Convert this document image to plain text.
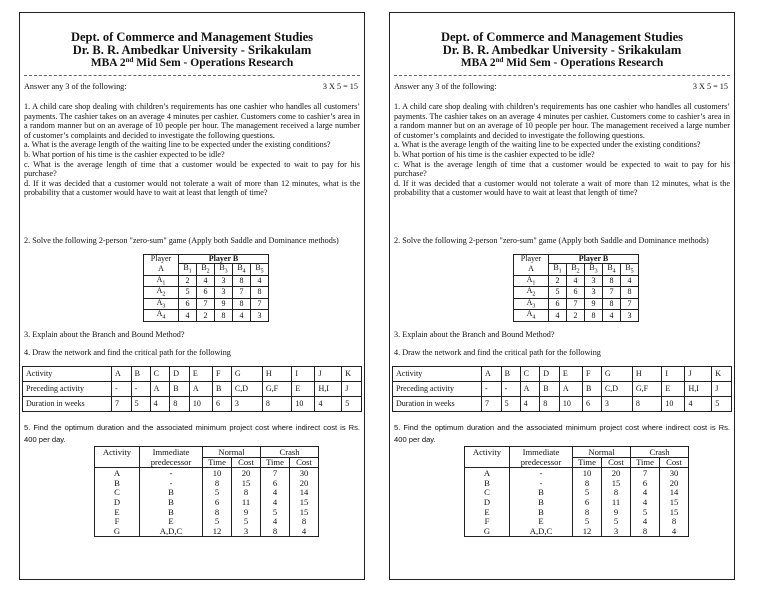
Dept. of Commerce and Management Studies
Dr. B. R. Ambedkar University - Srikakulam
MBA 2nd Mid Sem - Operations Research
Answer any 3 of the following:	3 X 5 = 15
1. A child care shop dealing with children’s requirements has one cashier who handles all customers’ payments. The cashier takes on an average 4 minutes per cashier. Customers come to cashier’s area in a random manner but on an average of 10 people per hour. The management received a large number of customer’s complaints and decided to investigate the following questions.
a. What is the average length of the waiting line to be expected under the existing conditions?
b. What portion of his time is the cashier expected to be idle?
c. What is the average length of time that a customer would be expected to wait to pay for his purchase?
d. If it was decided that a customer would not tolerate a wait of more than 12 minutes, what is the probability that a customer would have to wait at least that length of time?
2. Solve the following 2-person "zero-sum" game (Apply both Saddle and Dominance methods)
Player	Player B				
A	$B_1$	$B_2$	$B_3$	$B_4$	$B_5$
$A_1$	2	4	3	8	4
$A_2$	5	6	3	7	8
$A_3$	6	7	9	8	7
$A_4$	4	2	8	4	3
3. Explain about the Branch and Bound Method?
4. Draw the network and find the critical path for the following
Activity	A	B	C	D	E	F	G	H	I	J	K
Preceding activity	-	-	A	B	A	B	C,D	G,F	E	H,I	J
Duration in weeks	7	5	4	8	10	6	3	8	10	4	5
5. Find the optimum duration and the associated minimum project cost where indirect cost is Rs. 400 per day.
Activity	Immediate	Normal		Crash	
	predecessor	Time	Cost	Time	Cost
A	-	10	20	7	30
B	-	8	15	6	20
C	B	5	8	4	14
D	B	6	11	4	15
E	B	8	9	5	15
F	E	5	5	4	8
G	A,D,C	12	3	8	4
Dept. of Commerce and Management Studies
Dr. B. R. Ambedkar University - Srikakulam
MBA 2nd Mid Sem - Operations Research
Answer any 3 of the following:	3 X 5 = 15
1. A child care shop dealing with children’s requirements has one cashier who handles all customers’ payments. The cashier takes on an average 4 minutes per cashier. Customers come to cashier’s area in a random manner but on an average of 10 people per hour. The management received a large number of customer’s complaints and decided to investigate the following questions.
a. What is the average length of the waiting line to be expected under the existing conditions?
b. What portion of his time is the cashier expected to be idle?
c. What is the average length of time that a customer would be expected to wait to pay for his purchase?
d. If it was decided that a customer would not tolerate a wait of more than 12 minutes, what is the probability that a customer would have to wait at least that length of time?
2. Solve the following 2-person "zero-sum" game (Apply both Saddle and Dominance methods)
Player	Player B				
A	$B_1$	$B_2$	$B_3$	$B_4$	$B_5$
$A_1$	2	4	3	8	4
$A_2$	5	6	3	7	8
$A_3$	6	7	9	8	7
$A_4$	4	2	8	4	3
3. Explain about the Branch and Bound Method?
4. Draw the network and find the critical path for the following
Activity	A	B	C	D	E	F	G	H	I	J	K
Preceding activity	-	-	A	B	A	B	C,D	G,F	E	H,I	J
Duration in weeks	7	5	4	8	10	6	3	8	10	4	5
5. Find the optimum duration and the associated minimum project cost where indirect cost is Rs. 400 per day.
Activity	Immediate	Normal		Crash	
	predecessor	Time	Cost	Time	Cost
A	-	10	20	7	30
B	-	8	15	6	20
C	B	5	8	4	14
D	B	6	11	4	15
E	B	8	9	5	15
F	E	5	5	4	8
G	A,D,C	12	3	8	4
